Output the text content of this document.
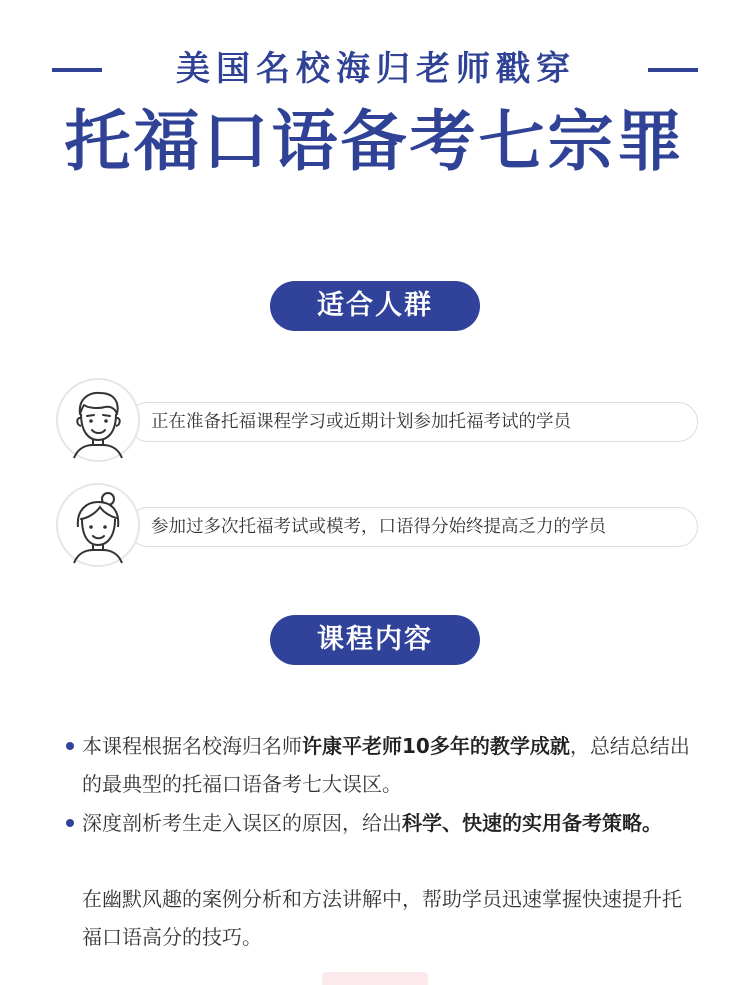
美国名校海归老师戳穿
托福口语备考七宗罪
适合人群
正在准备托福课程学习或近期计划参加托福考试的学员
参加过多次托福考试或模考，口语得分始终提高乏力的学员
课程内容

本课程根据名校海归名师许康平老师10多年的教学成就，总结总结出的最典型的托福口语备考七大误区。

深度剖析考生走入误区的原因，给出科学、快速的实用备考策略。

在幽默风趣的案例分析和方法讲解中，帮助学员迅速掌握快速提升托福口语高分的技巧。
